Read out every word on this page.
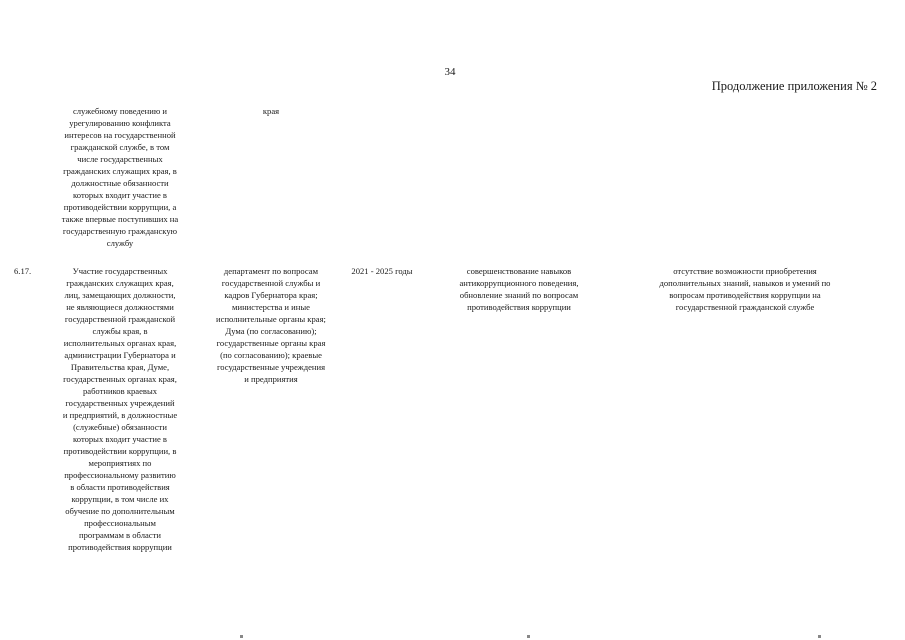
34
Продолжение приложения № 2
служебному поведению и
урегулированию конфликта
интересов на государственной
гражданской службе, в том
числе государственных
гражданских служащих края, в
должностные обязанности
которых входит участие в
противодействии коррупции, а
также впервые поступивших на
государственную гражданскую
службу
края
6.17.	Участие государственных
гражданских служащих края,
лиц, замещающих должности,
не являющиеся должностями
государственной гражданской
службы края, в
исполнительных органах края,
администрации Губернатора и
Правительства края, Думе,
государственных органах края,
работников краевых
государственных учреждений
и предприятий, в должностные
(служебные) обязанности
которых входит участие в
противодействии коррупции, в
мероприятиях по
профессиональному развитию
в области противодействия
коррупции, в том числе их
обучение по дополнительным
профессиональным
программам в области
противодействия коррупции
департамент по вопросам
государственной службы и
кадров Губернатора края;
министерства и иные
исполнительные органы края;
Дума (по согласованию);
государственные органы края
(по согласованию); краевые
государственные учреждения
и предприятия
2021 - 2025 годы	совершенствование навыков
антикоррупционного поведения,
обновление знаний по вопросам
противодействия коррупции
отсутствие возможности приобретения
дополнительных знаний, навыков и умений по
вопросам противодействия коррупции на
государственной гражданской службе
